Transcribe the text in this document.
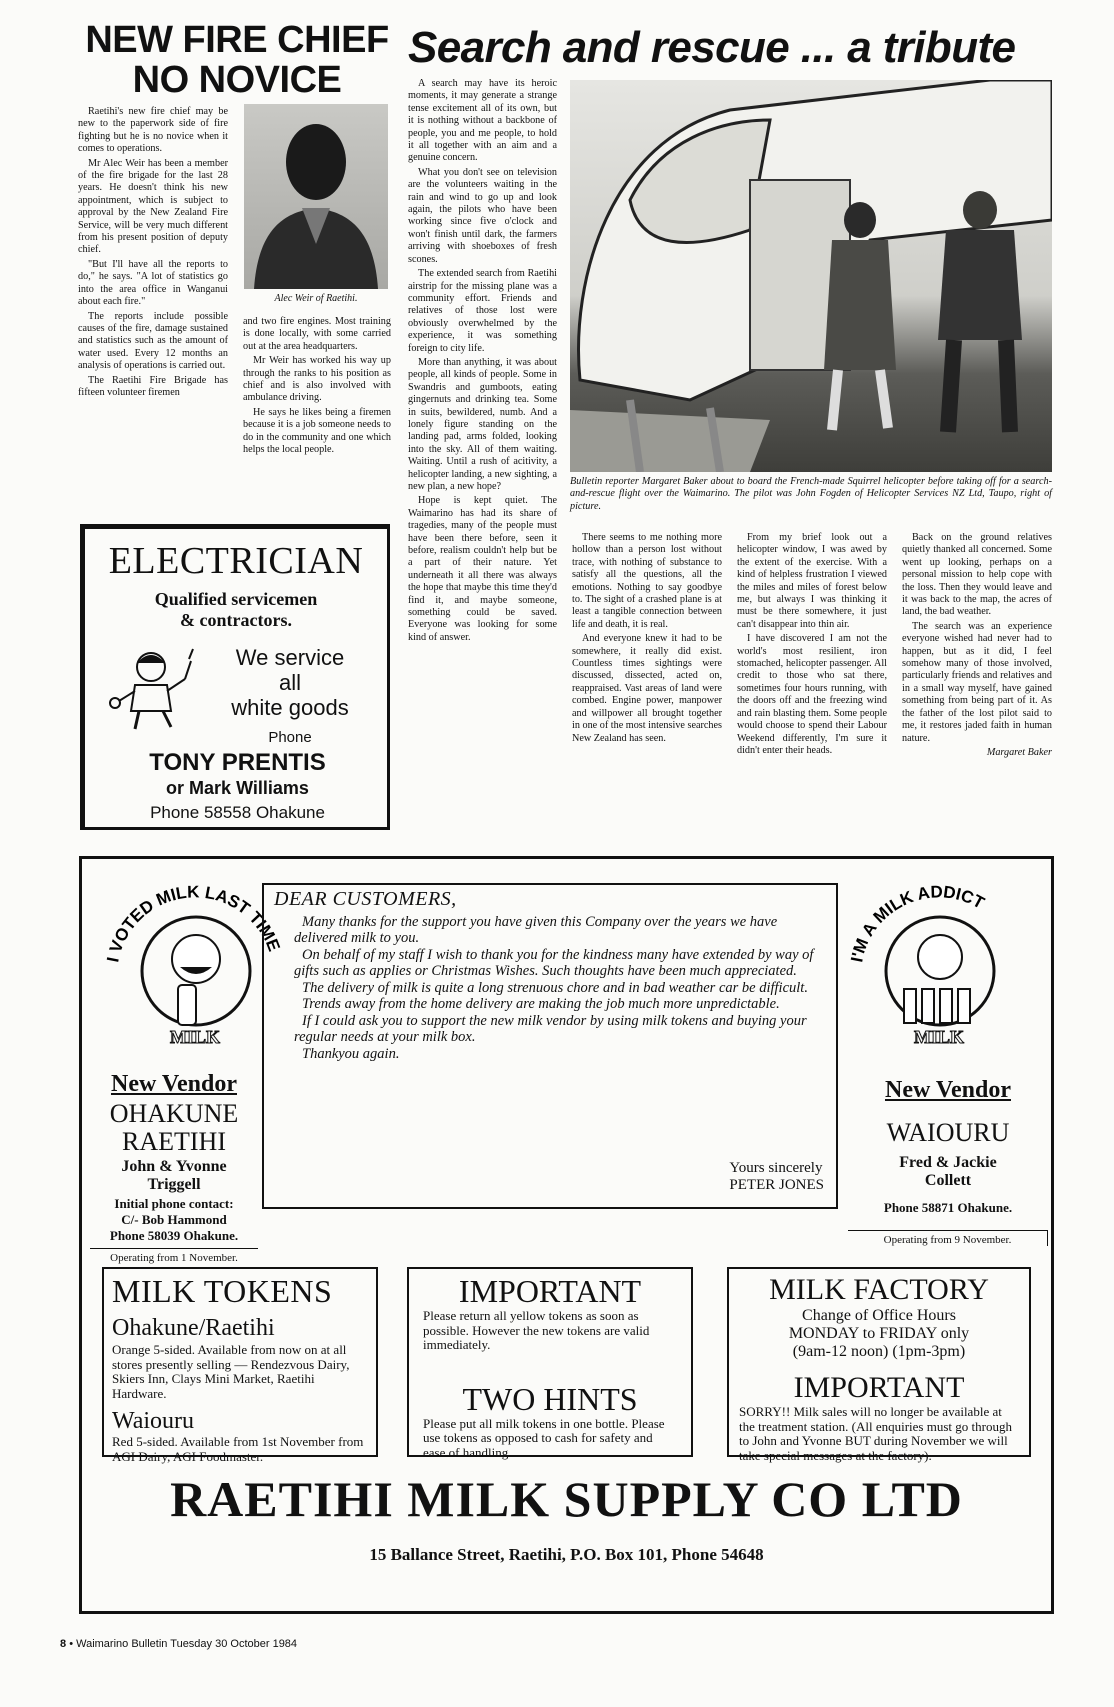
NEW FIRE CHIEF
NO NOVICE

Raetihi's new fire chief may be new to the paperwork side of fire fighting but he is no novice when it comes to operations.

Mr Alec Weir has been a member of the fire brigade for the last 28 years. He doesn't think his new appointment, which is subject to approval by the New Zealand Fire Service, will be very much different from his present position of deputy chief.

"But I'll have all the reports to do," he says. "A lot of statistics go into the area office in Wanganui about each fire."

The reports include possible causes of the fire, damage sustained and statistics such as the amount of water used. Every 12 months an analysis of operations is carried out.

The Raetihi Fire Brigade has fifteen volunteer firemen

Alec Weir of Raetihi.

and two fire engines. Most training is done locally, with some carried out at the area headquarters.

Mr Weir has worked his way up through the ranks to his position as chief and is also involved with ambulance driving.

He says he likes being a firemen because it is a job someone needs to do in the community and one which helps the local people.

ELECTRICIAN
Qualified servicemen
& contractors.
We service
all
white goods
Phone
TONY PRENTIS
or Mark Williams
Phone 58558 Ohakune
Search and rescue ... a tribute

A search may have its heroic moments, it may generate a strange tense excitement all of its own, but it is nothing without a backbone of people, you and me people, to hold it all together with an aim and a genuine concern.

What you don't see on television are the volunteers waiting in the rain and wind to go up and look again, the pilots who have been working since five o'clock and won't finish until dark, the farmers arriving with shoeboxes of fresh scones.

The extended search from Raetihi airstrip for the missing plane was a community effort. Friends and relatives of those lost were obviously overwhelmed by the experience, it was something foreign to city life.

More than anything, it was about people, all kinds of people. Some in Swandris and gumboots, eating gingernuts and drinking tea. Some in suits, bewildered, numb. And a lonely figure standing on the landing pad, arms folded, looking into the sky. All of them waiting. Waiting. Until a rush of acitivity, a helicopter landing, a new sighting, a new plan, a new hope?

Hope is kept quiet. The Waimarino has had its share of tragedies, many of the people must have been there before, seen it before, realism couldn't help but be a part of their nature. Yet underneath it all there was always the hope that maybe this time they'd find it, and maybe someone, something could be saved. Everyone was looking for some kind of answer.

Bulletin reporter Margaret Baker about to board the French-made Squirrel helicopter before taking off for a search-and-rescue flight over the Waimarino. The pilot was John Fogden of Helicopter Services NZ Ltd, Taupo, right of picture.

There seems to me nothing more hollow than a person lost without trace, with nothing of substance to satisfy all the questions, all the emotions. Nothing to say goodbye to. The sight of a crashed plane is at least a tangible connection between life and death, it is real.

And everyone knew it had to be somewhere, it really did exist. Countless times sightings were discussed, dissected, acted on, reappraised. Vast areas of land were combed. Engine power, manpower and willpower all brought together in one of the most intensive searches New Zealand has seen.

From my brief look out a helicopter window, I was awed by the extent of the exercise. With a kind of helpless frustration I viewed the miles and miles of forest below me, but always I was thinking it must be there somewhere, it just can't disappear into thin air.

I have discovered I am not the world's most resilient, iron stomached, helicopter passenger. All credit to those who sat there, sometimes four hours running, with the doors off and the freezing wind and rain blasting them. Some people would choose to spend their Labour Weekend differently, I'm sure it didn't enter their heads.

Back on the ground relatives quietly thanked all concerned. Some went up looking, perhaps on a personal mission to help cope with the loss. Then they would leave and it was back to the map, the acres of land, the bad weather.

The search was an experience everyone wished had never had to happen, but as it did, I feel somehow many of those involved, particularly friends and relatives and in a small way myself, have gained something from being part of it. As the father of the lost pilot said to me, it restores jaded faith in human nature.

Margaret Baker
I VOTED MILK LAST TIME
MILK
I'M A MILK ADDICT
MILK
New Vendor
OHAKUNE
RAETIHI
John & Yvonne
Triggell
Initial phone contact:
C/- Bob Hammond
Phone 58039 Ohakune.
Operating from 1 November.
DEAR CUSTOMERS,

Many thanks for the support you have given this Company over the years we have delivered milk to you.

On behalf of my staff I wish to thank you for the kindness many have extended by way of gifts such as applies or Christmas Wishes. Such thoughts have been much appreciated.

The delivery of milk is quite a long strenuous chore and in bad weather car be difficult.

Trends away from the home delivery are making the job much more unpredictable.

If I could ask you to support the new milk vendor by using milk tokens and buying your regular needs at your milk box.

Thankyou again.

Yours sincerely
PETER JONES
New Vendor
WAIOURU
Fred & Jackie
Collett
Phone 58871 Ohakune.
Operating from 9 November.
MILK TOKENS
Ohakune/Raetihi
Orange 5-sided. Available from now on at all stores presently selling — Rendezvous Dairy, Skiers Inn, Clays Mini Market, Raetihi Hardware.
Waiouru
Red 5-sided. Available from 1st November from AGI Dairy, AGI Foodmaster.
IMPORTANT
Please return all yellow tokens as soon as possible. However the new tokens are valid immediately.
TWO HINTS
Please put all milk tokens in one bottle. Please use tokens as opposed to cash for safety and ease of handling.
MILK FACTORY
Change of Office Hours
MONDAY to FRIDAY only
(9am-12 noon) (1pm-3pm)
IMPORTANT
SORRY!! Milk sales will no longer be available at the treatment station. (All enquiries must go through to John and Yvonne BUT during November we will take special messages at the factory).
RAETIHI MILK SUPPLY CO LTD
15 Ballance Street, Raetihi, P.O. Box 101, Phone 54648
8 • Waimarino Bulletin Tuesday 30 October 1984
